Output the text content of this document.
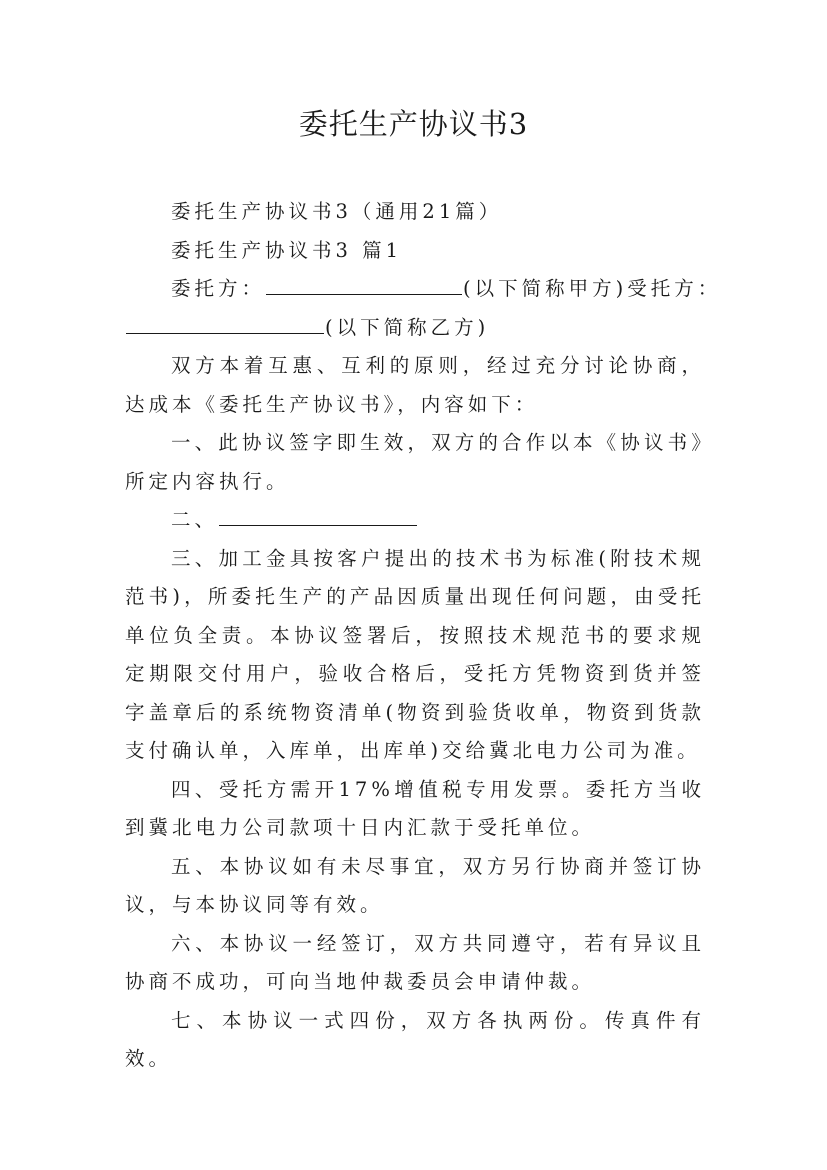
委托生产协议书3
委托生产协议书3（通用21篇）
委托生产协议书3 篇1
委托方：	(以下简称甲方)受托方：
(以下简称乙方)

双方本着互惠、互利的原则，经过充分讨论协商，达成本《委托生产协议书》，内容如下：

一、此协议签字即生效，双方的合作以本《协议书》所定内容执行。

二、

三、加工金具按客户提出的技术书为标准(附技术规范书)，所委托生产的产品因质量出现任何问题，由受托单位负全责。本协议签署后，按照技术规范书的要求规定期限交付用户，验收合格后，受托方凭物资到货并签字盖章后的系统物资清单(物资到验货收单，物资到货款支付确认单，入库单，出库单)交给冀北电力公司为准。

四、受托方需开17%增值税专用发票。委托方当收到冀北电力公司款项十日内汇款于受托单位。

五、本协议如有未尽事宜，双方另行协商并签订协议，与本协议同等有效。

六、本协议一经签订，双方共同遵守，若有异议且协商不成功，可向当地仲裁委员会申请仲裁。

七、本协议一式四份，双方各执两份。传真件有效。
